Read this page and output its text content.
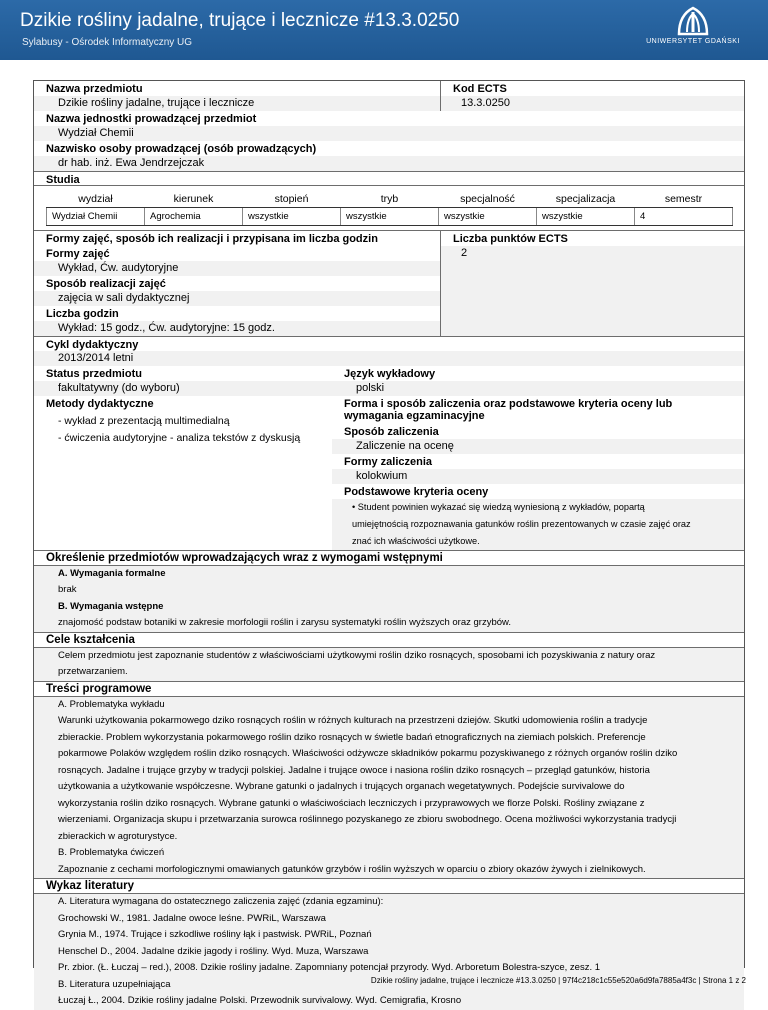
Dzikie rośliny jadalne, trujące i lecznicze #13.3.0250
Sylabusy - Ośrodek Informatyczny UG	UNIWERSYTET GDAŃSKI
Nazwa przedmiotu
Dzikie rośliny jadalne, trujące i lecznicze
Kod ECTS
13.3.0250
Nazwa jednostki prowadzącej przedmiot
Wydział Chemii
Nazwisko osoby prowadzącej (osób prowadzących)
dr hab. inż. Ewa Jendrzejczak
Studia
wydział	kierunek	stopień	tryb	specjalność	specjalizacja	semestr
Wydział Chemii	Agrochemia	wszystkie	wszystkie	wszystkie	wszystkie	4
Formy zajęć, sposób ich realizacji i przypisana im liczba godzin
Formy zajęć
Wykład, Ćw. audytoryjne
Sposób realizacji zajęć
zajęcia w sali dydaktycznej
Liczba godzin
Wykład: 15 godz., Ćw. audytoryjne: 15 godz.
Liczba punktów ECTS
2
Cykl dydaktyczny
2013/2014 letni
Status przedmiotu
fakultatywny (do wyboru)
Metody dydaktyczne
- wykład z prezentacją multimedialną
- ćwiczenia audytoryjne - analiza tekstów z dyskusją
Język wykładowy
polski
Forma i sposób zaliczenia oraz podstawowe kryteria oceny lub wymagania egzaminacyjne
Sposób zaliczenia
Zaliczenie na ocenę
Formy zaliczenia
kolokwium
Podstawowe kryteria oceny
• Student powinien wykazać się wiedzą wyniesioną z wykładów, popartą
umiejętnością rozpoznawania gatunków roślin prezentowanych w czasie zajęć oraz
znać ich właściwości użytkowe.
Określenie przedmiotów wprowadzających wraz z wymogami wstępnymi
A. Wymagania formalne
brak
B. Wymagania wstępne
znajomość podstaw botaniki w zakresie morfologii roślin i zarysu systematyki roślin wyższych oraz grzybów.
Cele kształcenia
Celem przedmiotu jest zapoznanie studentów z właściwościami użytkowymi roślin dziko rosnących, sposobami ich pozyskiwania z natury oraz
przetwarzaniem.
Treści programowe
A. Problematyka wykładu
Warunki użytkowania pokarmowego dziko rosnących roślin w różnych kulturach na przestrzeni dziejów. Skutki udomowienia roślin a tradycje
zbierackie. Problem wykorzystania pokarmowego roślin dziko rosnących w świetle badań etnograficznych na ziemiach polskich. Preferencje
pokarmowe Polaków względem roślin dziko rosnących. Właściwości odżywcze składników pokarmu pozyskiwanego z różnych organów roślin dziko
rosnących. Jadalne i trujące grzyby w tradycji polskiej. Jadalne i trujące owoce i nasiona roślin dziko rosnących – przegląd gatunków, historia
użytkowania a użytkowanie współczesne. Wybrane gatunki o jadalnych i trujących organach wegetatywnych. Podejście survivalowe do
wykorzystania roślin dziko rosnących. Wybrane gatunki o właściwościach leczniczych i przyprawowych we florze Polski. Rośliny związane z
wierzeniami. Organizacja skupu i przetwarzania surowca roślinnego pozyskanego ze zbioru swobodnego. Ocena możliwości wykorzystania tradycji
zbierackich w agroturystyce.
B. Problematyka ćwiczeń
Zapoznanie z cechami morfologicznymi omawianych gatunków grzybów i roślin wyższych w oparciu o zbiory okazów żywych i zielnikowych.
Wykaz literatury
A. Literatura wymagana do ostatecznego zaliczenia zajęć (zdania egzaminu):
Grochowski W., 1981. Jadalne owoce leśne. PWRiL, Warszawa
Grynia M., 1974. Trujące i szkodliwe rośliny łąk i pastwisk. PWRiL, Poznań
Henschel D., 2004. Jadalne dzikie jagody i rośliny. Wyd. Muza, Warszawa
Pr. zbior. (Ł. Łuczaj – red.), 2008. Dzikie rośliny jadalne. Zapomniany potencjał przyrody. Wyd. Arboretum Bolestra-szyce, zesz. 1
B. Literatura uzupełniająca
Łuczaj Ł., 2004. Dzikie rośliny jadalne Polski. Przewodnik survivalowy. Wyd. Cemigrafia, Krosno
Dzikie rośliny jadalne, trujące i lecznicze #13.3.0250 | 97f4c218c1c55e520a6d9fa7885a4f3c | Strona 1 z 2
